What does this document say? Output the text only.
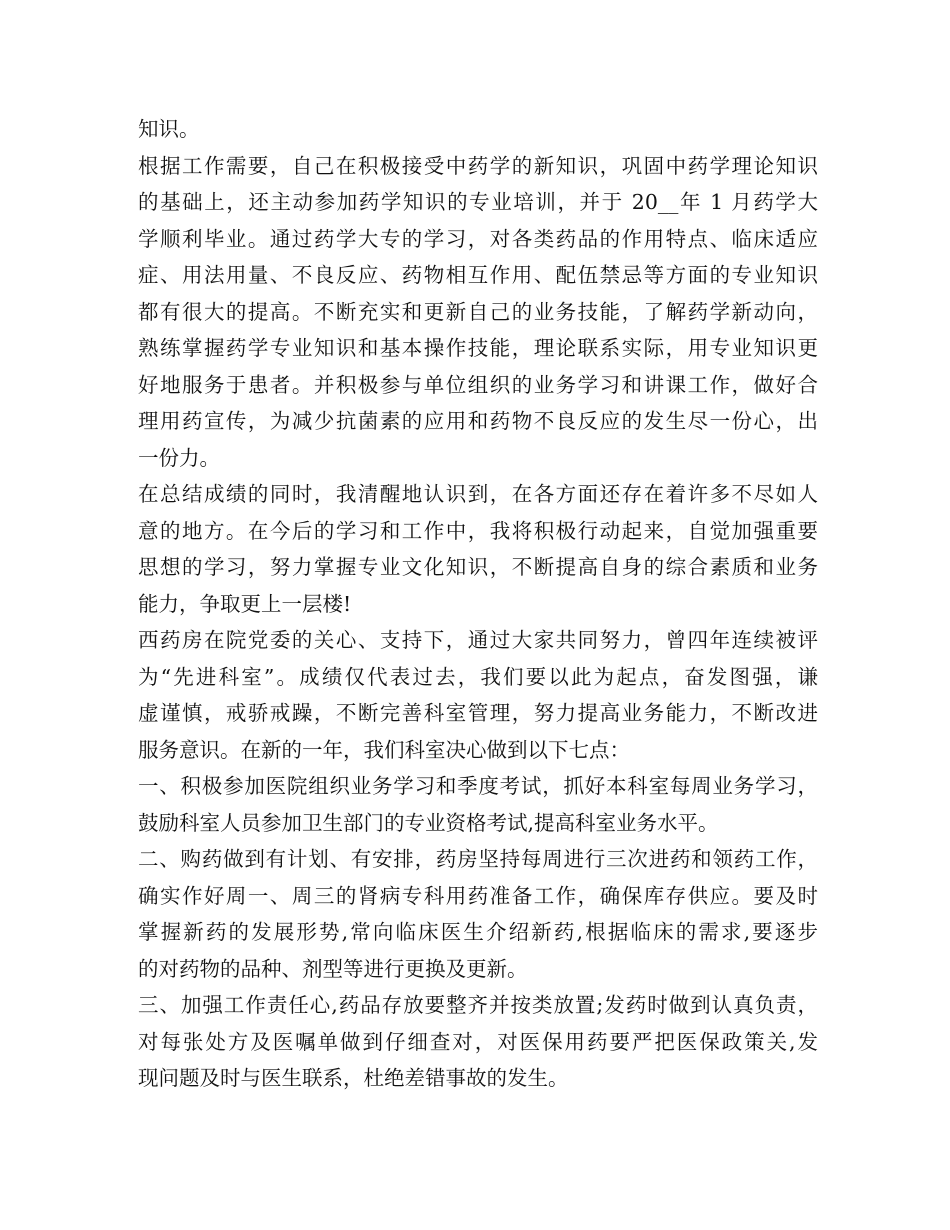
知识。
根据工作需要，自己在积极接受中药学的新知识，巩固中药学理论知识
的基础上，还主动参加药学知识的专业培训，并于 20__年 1 月药学大
学顺利毕业。通过药学大专的学习，对各类药品的作用特点、临床适应
症、用法用量、不良反应、药物相互作用、配伍禁忌等方面的专业知识
都有很大的提高。不断充实和更新自己的业务技能，了解药学新动向，
熟练掌握药学专业知识和基本操作技能，理论联系实际，用专业知识更
好地服务于患者。并积极参与单位组织的业务学习和讲课工作，做好合
理用药宣传，为减少抗菌素的应用和药物不良反应的发生尽一份心，出
一份力。
在总结成绩的同时，我清醒地认识到，在各方面还存在着许多不尽如人
意的地方。在今后的学习和工作中，我将积极行动起来，自觉加强重要
思想的学习，努力掌握专业文化知识，不断提高自身的综合素质和业务
能力，争取更上一层楼!
西药房在院党委的关心、支持下，通过大家共同努力，曾四年连续被评
为“先进科室”。成绩仅代表过去，我们要以此为起点，奋发图强，谦
虚谨慎，戒骄戒躁，不断完善科室管理，努力提高业务能力，不断改进
服务意识。在新的一年，我们科室决心做到以下七点：
一、积极参加医院组织业务学习和季度考试，抓好本科室每周业务学习，
鼓励科室人员参加卫生部门的专业资格考试,提高科室业务水平。
二、购药做到有计划、有安排，药房坚持每周进行三次进药和领药工作，
确实作好周一、周三的肾病专科用药准备工作，确保库存供应。要及时
掌握新药的发展形势,常向临床医生介绍新药,根据临床的需求,要逐步
的对药物的品种、剂型等进行更换及更新。
三、加强工作责任心,药品存放要整齐并按类放置;发药时做到认真负责，
对每张处方及医嘱单做到仔细查对，对医保用药要严把医保政策关,发
现问题及时与医生联系，杜绝差错事故的发生。
